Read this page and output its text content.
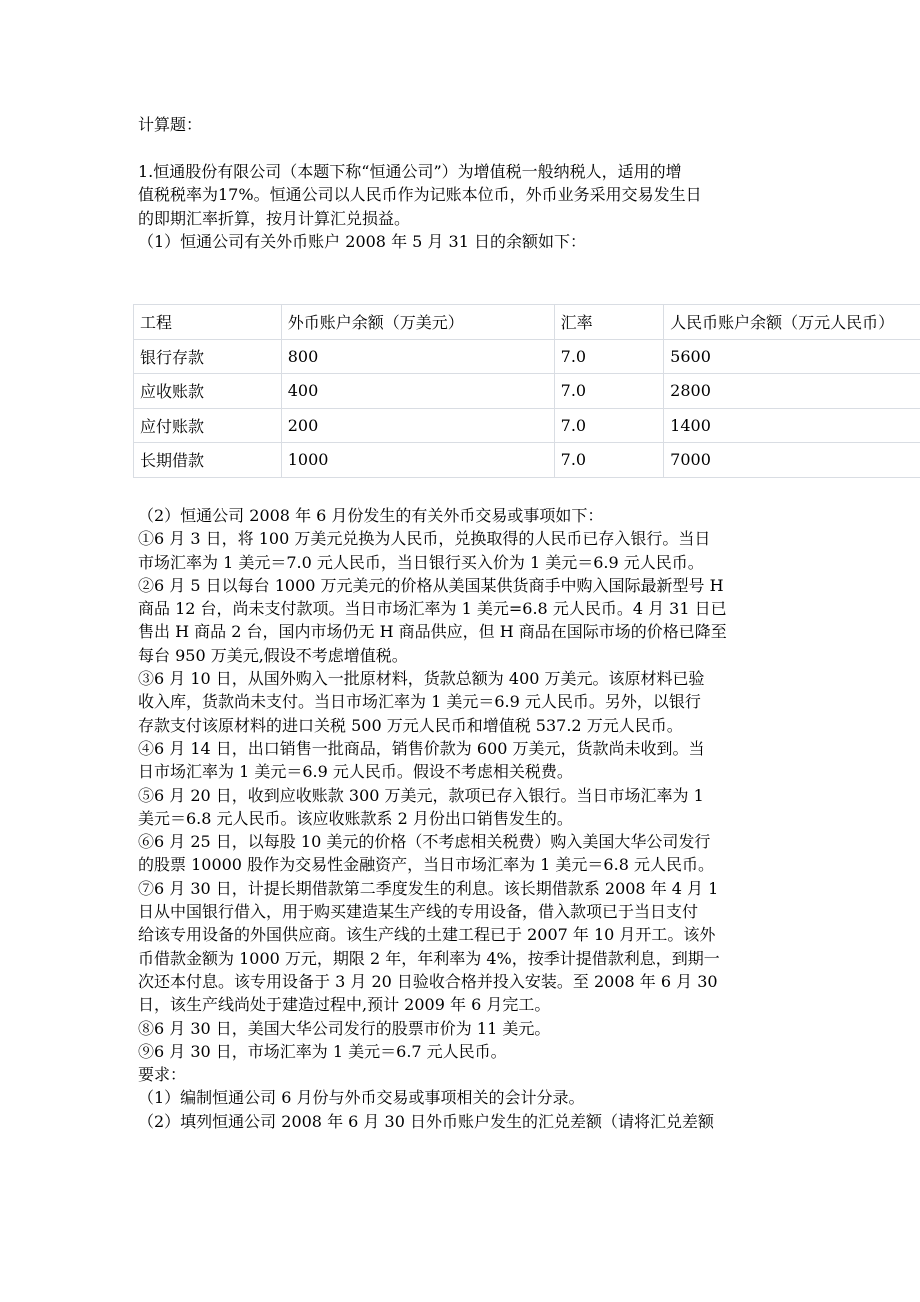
计算题：
1.恒通股份有限公司（本题下称“恒通公司”）为增值税一般纳税人，适用的增
值税税率为17%。恒通公司以人民币作为记账本位币，外币业务采用交易发生日
的即期汇率折算，按月计算汇兑损益。
（1）恒通公司有关外币账户 2008 年 5 月 31 日的余额如下：
工程	外币账户余额（万美元）	汇率	人民币账户余额（万元人民币）
银行存款	800	7.0	5600
应收账款	400	7.0	2800
应付账款	200	7.0	1400
长期借款	1000	7.0	7000
（2）恒通公司 2008 年 6 月份发生的有关外币交易或事项如下：
①6 月 3 日，将 100 万美元兑换为人民币，兑换取得的人民币已存入银行。当日
市场汇率为 1 美元＝7.0 元人民币，当日银行买入价为 1 美元＝6.9 元人民币。
②6 月 5 日以每台 1000 万元美元的价格从美国某供货商手中购入国际最新型号 H
商品 12 台，尚未支付款项。当日市场汇率为 1 美元=6.8 元人民币。4 月 31 日已
售出 H 商品 2 台，国内市场仍无 H 商品供应，但 H 商品在国际市场的价格已降至
每台 950 万美元,假设不考虑增值税。
③6 月 10 日，从国外购入一批原材料，货款总额为 400 万美元。该原材料已验
收入库，货款尚未支付。当日市场汇率为 1 美元＝6.9 元人民币。另外，以银行
存款支付该原材料的进口关税 500 万元人民币和增值税 537.2 万元人民币。
④6 月 14 日，出口销售一批商品，销售价款为 600 万美元，货款尚未收到。当
日市场汇率为 1 美元＝6.9 元人民币。假设不考虑相关税费。
⑤6 月 20 日，收到应收账款 300 万美元，款项已存入银行。当日市场汇率为 1
美元＝6.8 元人民币。该应收账款系 2 月份出口销售发生的。
⑥6 月 25 日，以每股 10 美元的价格（不考虑相关税费）购入美国大华公司发行
的股票 10000 股作为交易性金融资产，当日市场汇率为 1 美元＝6.8 元人民币。
⑦6 月 30 日，计提长期借款第二季度发生的利息。该长期借款系 2008 年 4 月 1
日从中国银行借入，用于购买建造某生产线的专用设备，借入款项已于当日支付
给该专用设备的外国供应商。该生产线的土建工程已于 2007 年 10 月开工。该外
币借款金额为 1000 万元，期限 2 年，年利率为 4%，按季计提借款利息，到期一
次还本付息。该专用设备于 3 月 20 日验收合格并投入安装。至 2008 年 6 月 30
日，该生产线尚处于建造过程中,预计 2009 年 6 月完工。
⑧6 月 30 日，美国大华公司发行的股票市价为 11 美元。
⑨6 月 30 日，市场汇率为 1 美元＝6.7 元人民币。
要求：
（1）编制恒通公司 6 月份与外币交易或事项相关的会计分录。
（2）填列恒通公司 2008 年 6 月 30 日外币账户发生的汇兑差额（请将汇兑差额
